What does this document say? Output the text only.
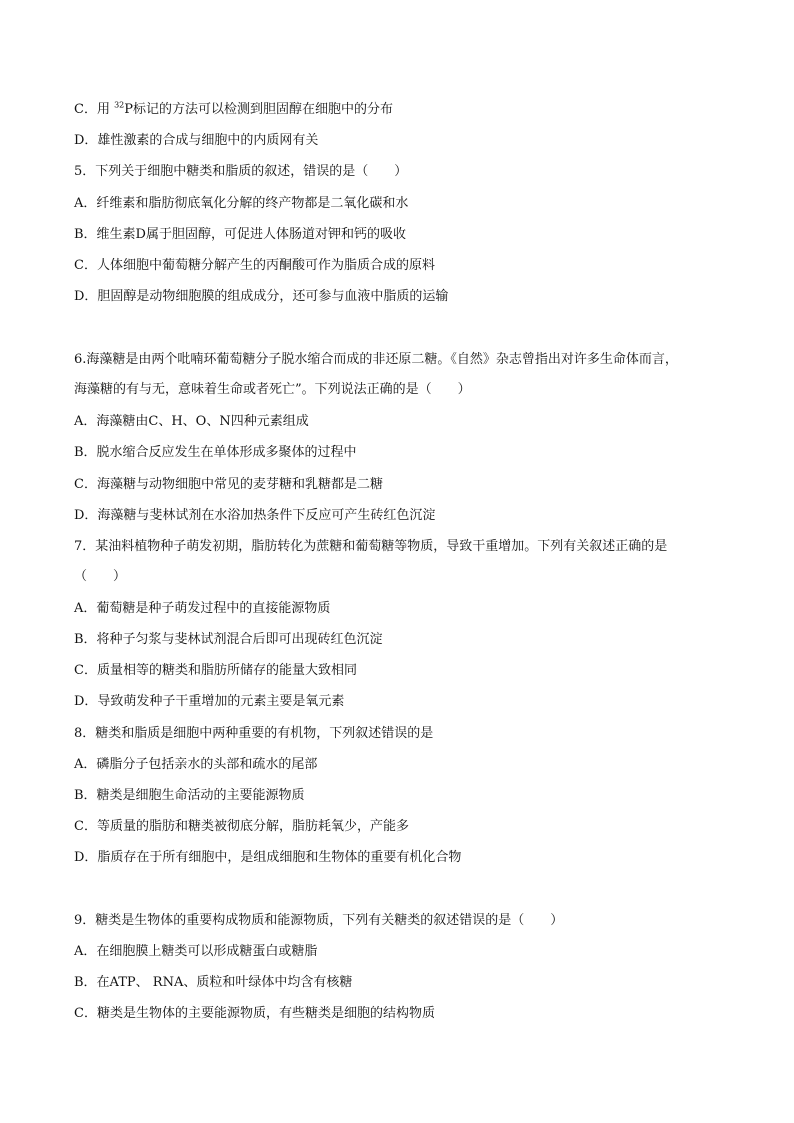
C．用 $^{32}$P标记的方法可以检测到胆固醇在细胞中的分布
D．雄性激素的合成与细胞中的内质网有关
5．下列关于细胞中糖类和脂质的叙述，错误的是（　　）
A．纤维素和脂肪彻底氧化分解的终产物都是二氧化碳和水
B．维生素D属于胆固醇，可促进人体肠道对钾和钙的吸收
C．人体细胞中葡萄糖分解产生的丙酮酸可作为脂质合成的原料
D．胆固醇是动物细胞膜的组成成分，还可参与血液中脂质的运输
6.海藻糖是由两个吡喃环葡萄糖分子脱水缩合而成的非还原二糖。《自然》杂志曾指出对许多生命体而言，
海藻糖的有与无，意味着生命或者死亡”。下列说法正确的是（　　）
A．海藻糖由C、H、O、N四种元素组成
B．脱水缩合反应发生在单体形成多聚体的过程中
C．海藻糖与动物细胞中常见的麦芽糖和乳糖都是二糖
D．海藻糖与斐林试剂在水浴加热条件下反应可产生砖红色沉淀
7．某油料植物种子萌发初期，脂肪转化为蔗糖和葡萄糖等物质，导致干重增加。下列有关叙述正确的是
（　　）
A．葡萄糖是种子萌发过程中的直接能源物质
B．将种子匀浆与斐林试剂混合后即可出现砖红色沉淀
C．质量相等的糖类和脂肪所储存的能量大致相同
D．导致萌发种子干重增加的元素主要是氧元素
8．糖类和脂质是细胞中两种重要的有机物，下列叙述错误的是
A．磷脂分子包括亲水的头部和疏水的尾部
B．糖类是细胞生命活动的主要能源物质
C．等质量的脂肪和糖类被彻底分解，脂肪耗氧少，产能多
D．脂质存在于所有细胞中，是组成细胞和生物体的重要有机化合物
9．糖类是生物体的重要构成物质和能源物质，下列有关糖类的叙述错误的是（　　）
A．在细胞膜上糖类可以形成糖蛋白或糖脂
B．在ATP、 RNA、质粒和叶绿体中均含有核糖
C．糖类是生物体的主要能源物质，有些糖类是细胞的结构物质
